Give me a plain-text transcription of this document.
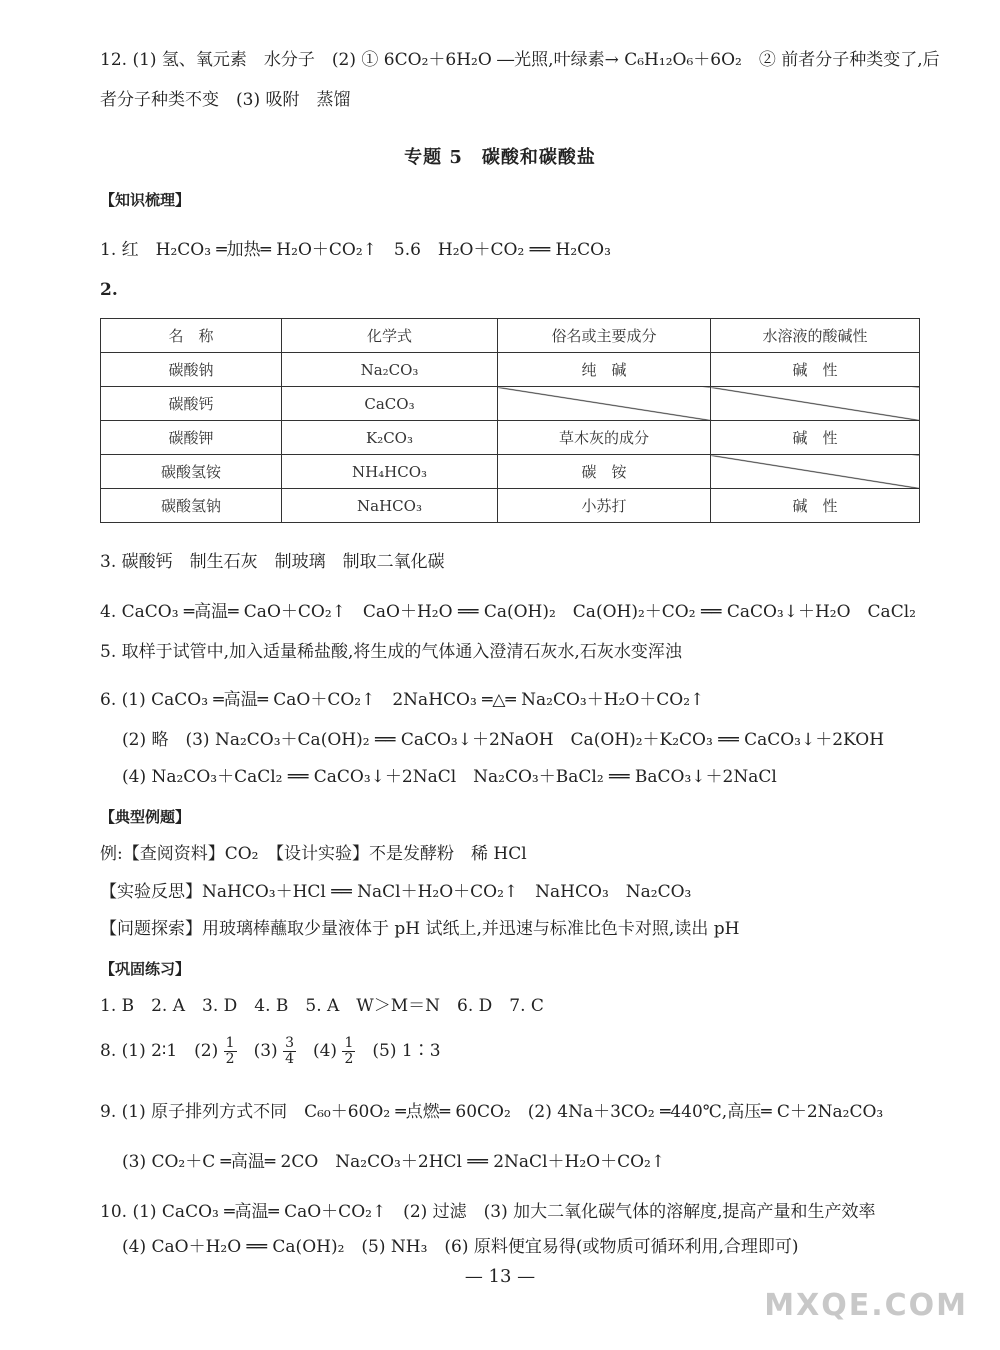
12. (1) 氢、氧元素　水分子　(2) ① 6CO₂＋6H₂O ―光照,叶绿素→ C₆H₁₂O₆＋6O₂　② 前者分子种类变了,后
者分子种类不变　(3) 吸附　蒸馏
专题 5　碳酸和碳酸盐
【知识梳理】
1. 红　H₂CO₃ ═加热═ H₂O＋CO₂↑　5.6　H₂O＋CO₂ ══ H₂CO₃
2.
名　称	化学式	俗名或主要成分	水溶液的酸碱性
碳酸钠	Na₂CO₃	纯　碱	碱　性
碳酸钙	CaCO₃		
碳酸钾	K₂CO₃	草木灰的成分	碱　性
碳酸氢铵	NH₄HCO₃	碳　铵	
碳酸氢钠	NaHCO₃	小苏打	碱　性
3. 碳酸钙　制生石灰　制玻璃　制取二氧化碳
4. CaCO₃ ═高温═ CaO＋CO₂↑　CaO＋H₂O ══ Ca(OH)₂　Ca(OH)₂＋CO₂ ══ CaCO₃↓＋H₂O　CaCl₂
5. 取样于试管中,加入适量稀盐酸,将生成的气体通入澄清石灰水,石灰水变浑浊
6. (1) CaCO₃ ═高温═ CaO＋CO₂↑　2NaHCO₃ ═△═ Na₂CO₃＋H₂O＋CO₂↑
(2) 略　(3) Na₂CO₃＋Ca(OH)₂ ══ CaCO₃↓＋2NaOH　Ca(OH)₂＋K₂CO₃ ══ CaCO₃↓＋2KOH
(4) Na₂CO₃＋CaCl₂ ══ CaCO₃↓＋2NaCl　Na₂CO₃＋BaCl₂ ══ BaCO₃↓＋2NaCl
【典型例题】
例:【查阅资料】CO₂　【设计实验】不是发酵粉　稀 HCl
【实验反思】NaHCO₃＋HCl ══ NaCl＋H₂O＋CO₂↑　NaHCO₃　Na₂CO₃
【问题探索】用玻璃棒蘸取少量液体于 pH 试纸上,并迅速与标准比色卡对照,读出 pH
【巩固练习】
1. B　2. A　3. D　4. B　5. A　W＞M＝N　6. D　7. C
8. (1) 2∶1　$(2) \frac{1}{2}$ 　$(3) \frac{3}{4}$ 　$(4) \frac{1}{2}$ 　(5) 1∶3
9. (1) 原子排列方式不同　C₆₀＋60O₂ ═点燃═ 60CO₂　(2) 4Na＋3CO₂ ═440℃,高压═ C＋2Na₂CO₃
(3) CO₂＋C ═高温═ 2CO　Na₂CO₃＋2HCl ══ 2NaCl＋H₂O＋CO₂↑
10. (1) CaCO₃ ═高温═ CaO＋CO₂↑　(2) 过滤　(3) 加大二氧化碳气体的溶解度,提高产量和生产效率
(4) CaO＋H₂O ══ Ca(OH)₂　(5) NH₃　(6) 原料便宜易得(或物质可循环利用,合理即可)
— 13 —
MXQE.COM
